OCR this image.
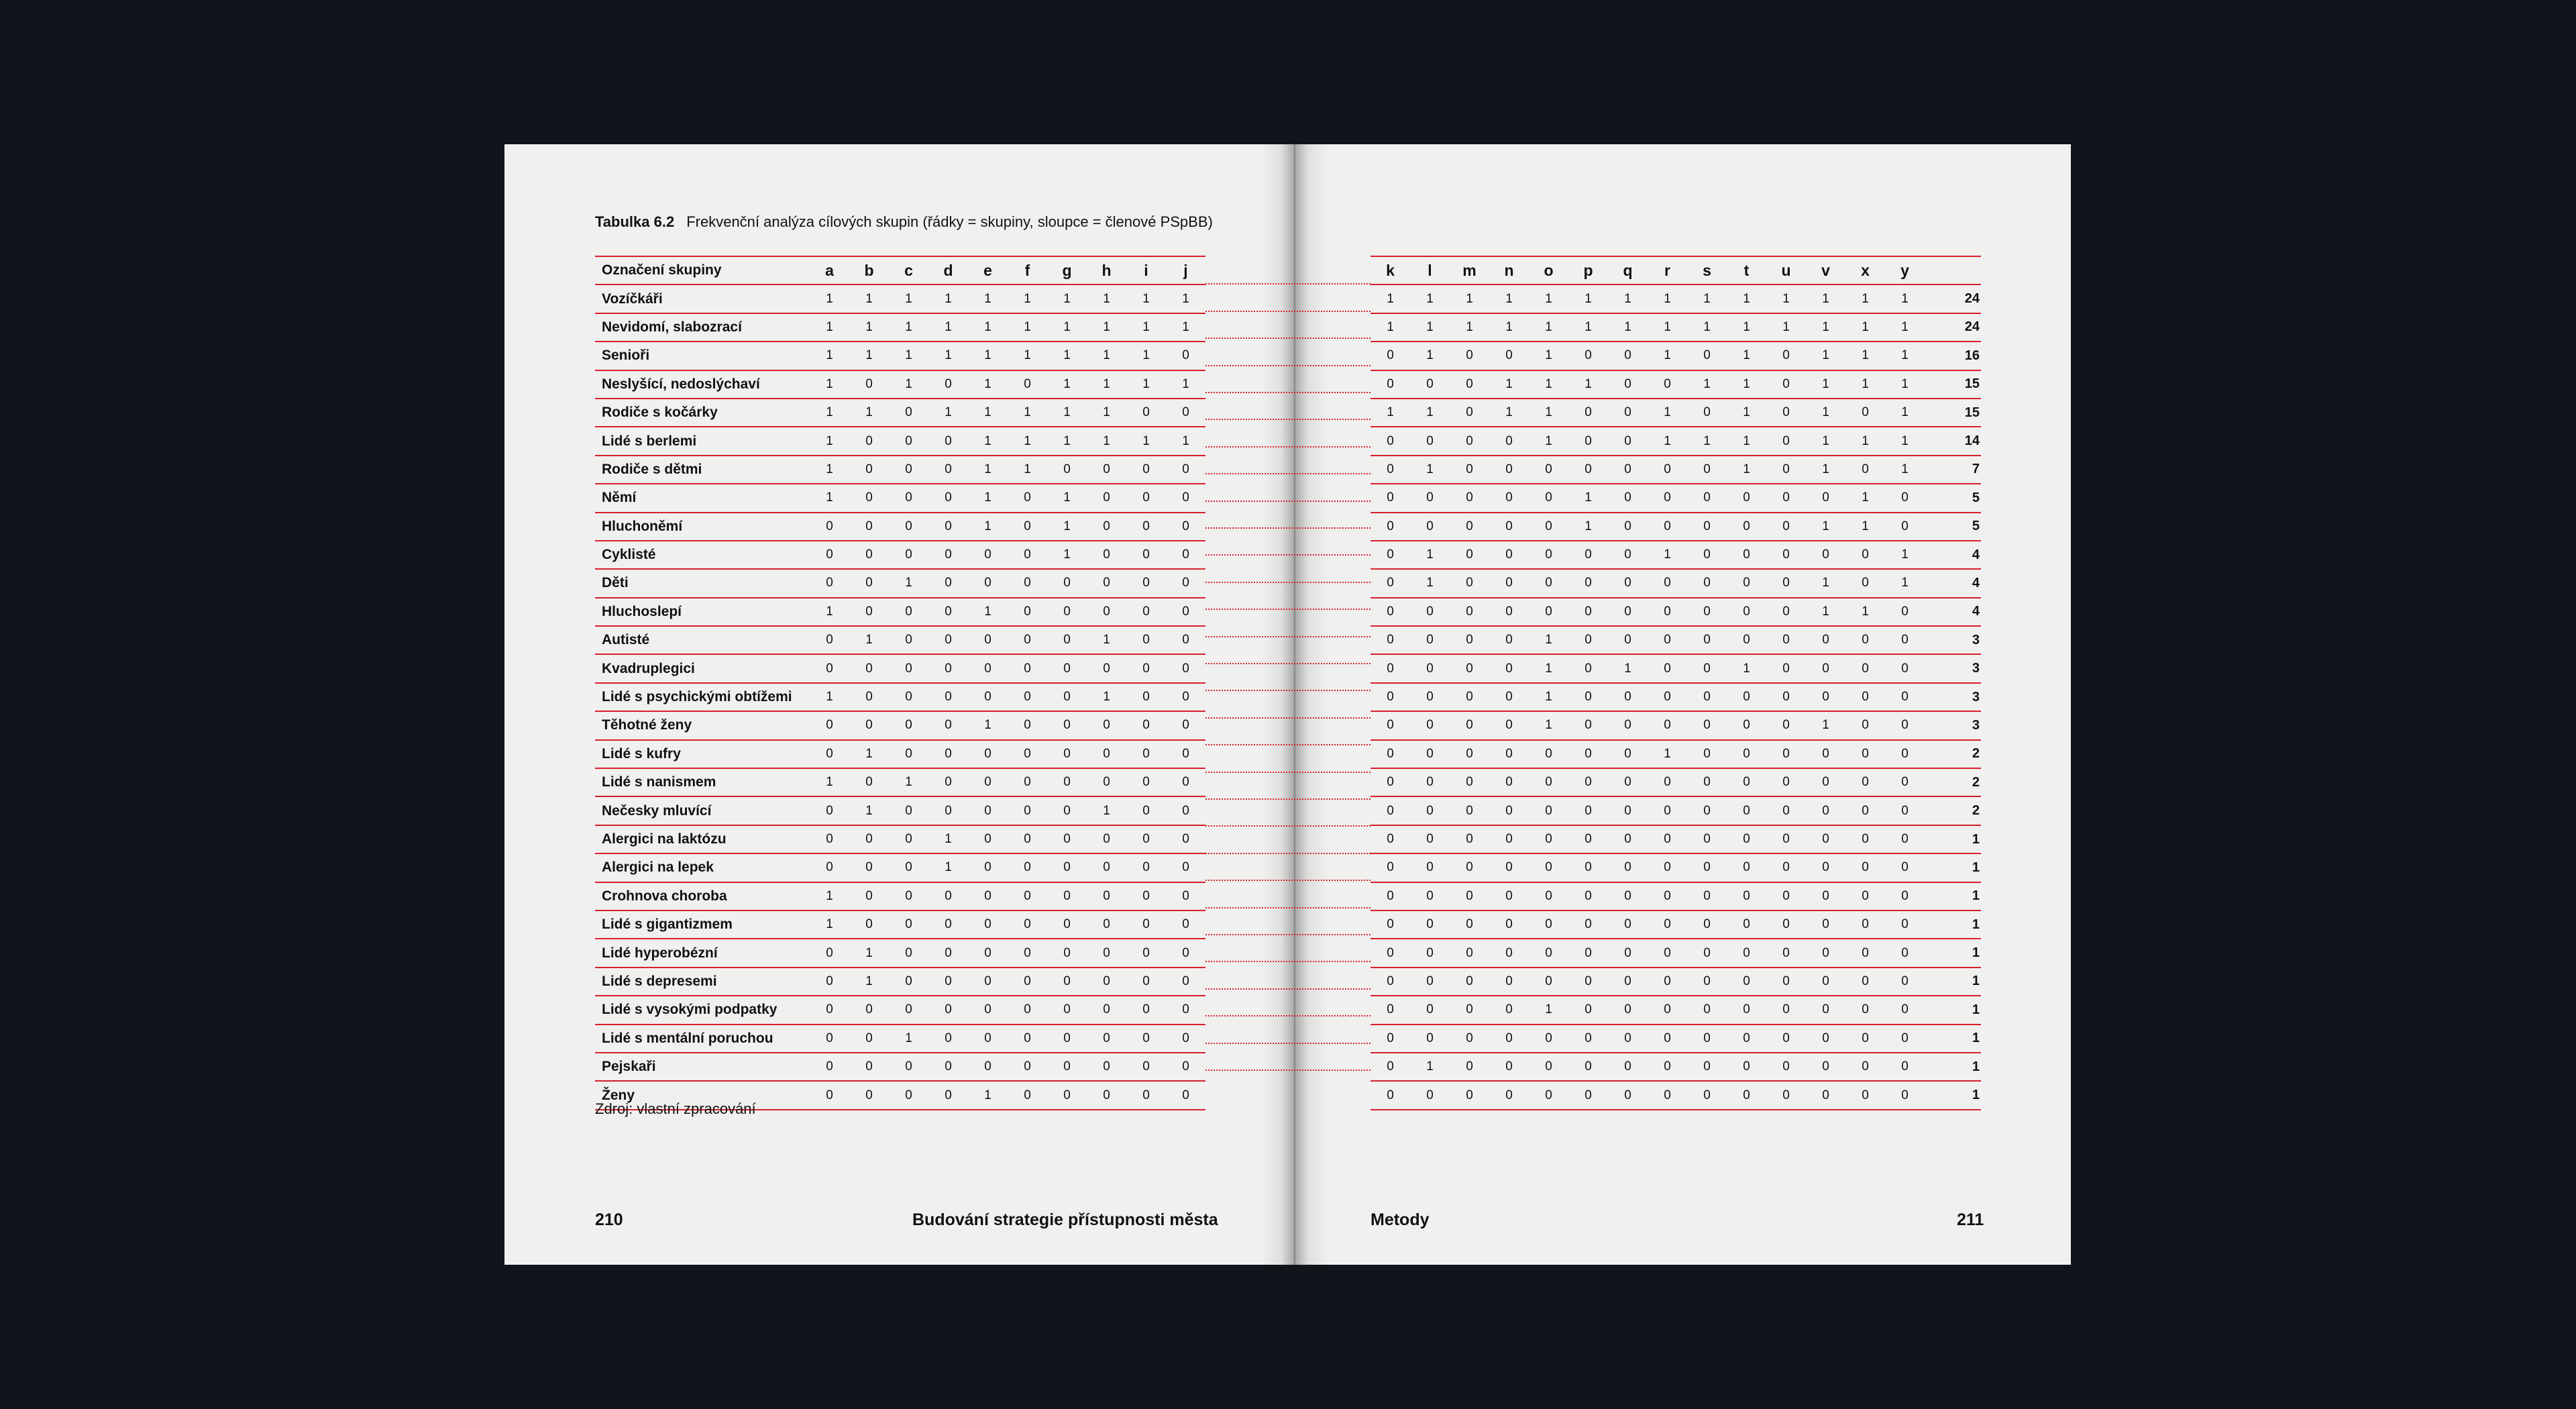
Tabulka 6.2 Frekvenční analýza cílových skupin (řádky = skupiny, sloupce = členové PSpBB)
Označení skupiny	a	b	c	d	e	f	g	h	i	j
Vozíčkáři	1	1	1	1	1	1	1	1	1	1
Nevidomí, slabozrací	1	1	1	1	1	1	1	1	1	1
Senioři	1	1	1	1	1	1	1	1	1	0
Neslyšící, nedoslýchaví	1	0	1	0	1	0	1	1	1	1
Rodiče s kočárky	1	1	0	1	1	1	1	1	0	0
Lidé s berlemi	1	0	0	0	1	1	1	1	1	1
Rodiče s dětmi	1	0	0	0	1	1	0	0	0	0
Němí	1	0	0	0	1	0	1	0	0	0
Hluchoněmí	0	0	0	0	1	0	1	0	0	0
Cyklisté	0	0	0	0	0	0	1	0	0	0
Děti	0	0	1	0	0	0	0	0	0	0
Hluchoslepí	1	0	0	0	1	0	0	0	0	0
Autisté	0	1	0	0	0	0	0	1	0	0
Kvadruplegici	0	0	0	0	0	0	0	0	0	0
Lidé s psychickými obtížemi	1	0	0	0	0	0	0	1	0	0
Těhotné ženy	0	0	0	0	1	0	0	0	0	0
Lidé s kufry	0	1	0	0	0	0	0	0	0	0
Lidé s nanismem	1	0	1	0	0	0	0	0	0	0
Nečesky mluvící	0	1	0	0	0	0	0	1	0	0
Alergici na laktózu	0	0	0	1	0	0	0	0	0	0
Alergici na lepek	0	0	0	1	0	0	0	0	0	0
Crohnova choroba	1	0	0	0	0	0	0	0	0	0
Lidé s gigantizmem	1	0	0	0	0	0	0	0	0	0
Lidé hyperobézní	0	1	0	0	0	0	0	0	0	0
Lidé s depresemi	0	1	0	0	0	0	0	0	0	0
Lidé s vysokými podpatky	0	0	0	0	0	0	0	0	0	0
Lidé s mentální poruchou	0	0	1	0	0	0	0	0	0	0
Pejskaři	0	0	0	0	0	0	0	0	0	0
Ženy	0	0	0	0	1	0	0	0	0	0
k	l	m	n	o	p	q	r	s	t	u	v	x	y	
1	1	1	1	1	1	1	1	1	1	1	1	1	1	24
1	1	1	1	1	1	1	1	1	1	1	1	1	1	24
0	1	0	0	1	0	0	1	0	1	0	1	1	1	16
0	0	0	1	1	1	0	0	1	1	0	1	1	1	15
1	1	0	1	1	0	0	1	0	1	0	1	0	1	15
0	0	0	0	1	0	0	1	1	1	0	1	1	1	14
0	1	0	0	0	0	0	0	0	1	0	1	0	1	7
0	0	0	0	0	1	0	0	0	0	0	0	1	0	5
0	0	0	0	0	1	0	0	0	0	0	1	1	0	5
0	1	0	0	0	0	0	1	0	0	0	0	0	1	4
0	1	0	0	0	0	0	0	0	0	0	1	0	1	4
0	0	0	0	0	0	0	0	0	0	0	1	1	0	4
0	0	0	0	1	0	0	0	0	0	0	0	0	0	3
0	0	0	0	1	0	1	0	0	1	0	0	0	0	3
0	0	0	0	1	0	0	0	0	0	0	0	0	0	3
0	0	0	0	1	0	0	0	0	0	0	1	0	0	3
0	0	0	0	0	0	0	1	0	0	0	0	0	0	2
0	0	0	0	0	0	0	0	0	0	0	0	0	0	2
0	0	0	0	0	0	0	0	0	0	0	0	0	0	2
0	0	0	0	0	0	0	0	0	0	0	0	0	0	1
0	0	0	0	0	0	0	0	0	0	0	0	0	0	1
0	0	0	0	0	0	0	0	0	0	0	0	0	0	1
0	0	0	0	0	0	0	0	0	0	0	0	0	0	1
0	0	0	0	0	0	0	0	0	0	0	0	0	0	1
0	0	0	0	0	0	0	0	0	0	0	0	0	0	1
0	0	0	0	1	0	0	0	0	0	0	0	0	0	1
0	0	0	0	0	0	0	0	0	0	0	0	0	0	1
0	1	0	0	0	0	0	0	0	0	0	0	0	0	1
0	0	0	0	0	0	0	0	0	0	0	0	0	0	1
Zdroj: vlastní zpracování
210	Budování strategie přístupnosti města	Metody	211
